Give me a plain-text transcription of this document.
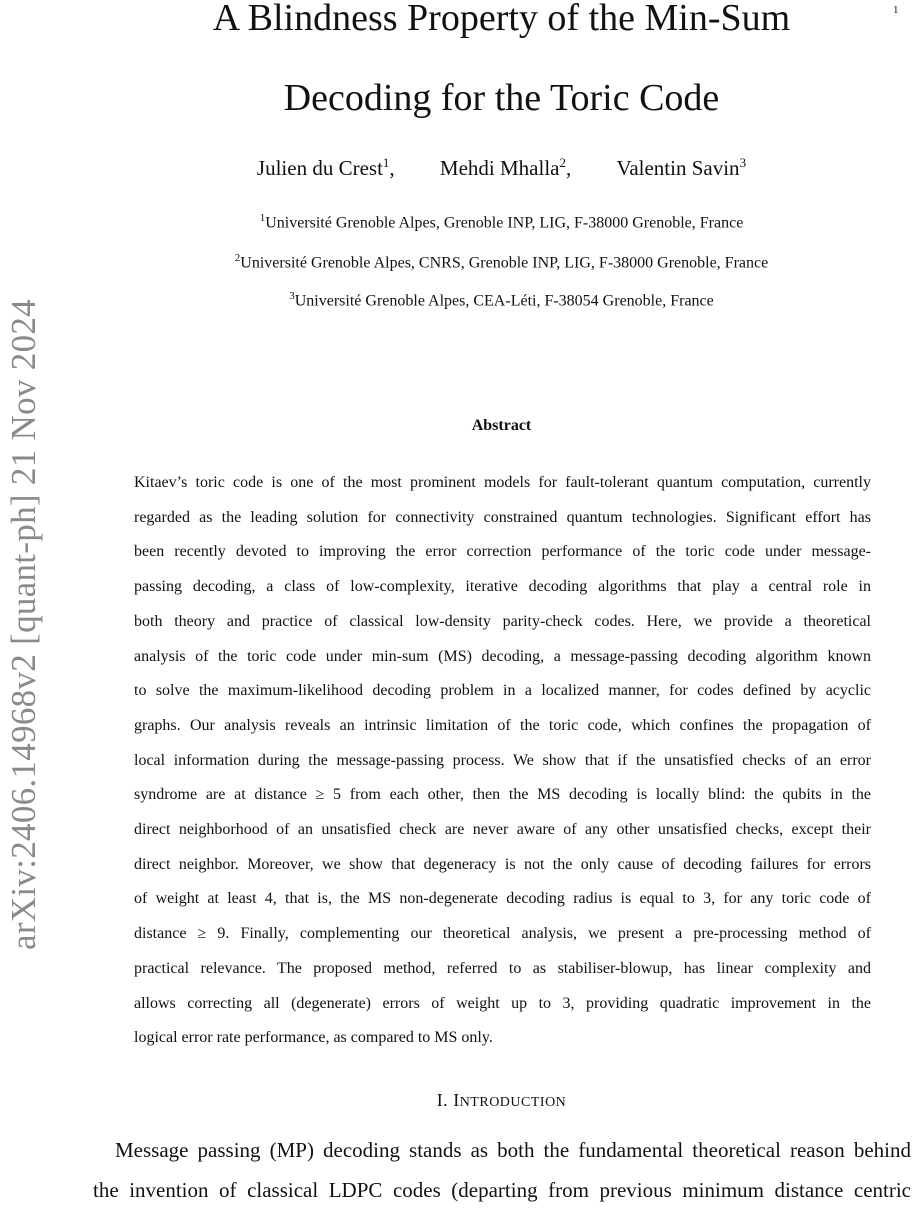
1
arXiv:2406.14968v2 [quant-ph] 21 Nov 2024
A Blindness Property of the Min-Sum
Decoding for the Toric Code
Julien du Crest$^1$, Mehdi Mhalla$^2$, Valentin Savin$^3$
$^1$Université Grenoble Alpes, Grenoble INP, LIG, F-38000 Grenoble, France
$^2$Université Grenoble Alpes, CNRS, Grenoble INP, LIG, F-38000 Grenoble, France
$^3$Université Grenoble Alpes, CEA-Léti, F-38054 Grenoble, France
Abstract
Kitaev’s toric code is one of the most prominent models for fault-tolerant quantum computation, currently
regarded as the leading solution for connectivity constrained quantum technologies. Significant effort has
been recently devoted to improving the error correction performance of the toric code under message-
passing decoding, a class of low-complexity, iterative decoding algorithms that play a central role in
both theory and practice of classical low-density parity-check codes. Here, we provide a theoretical
analysis of the toric code under min-sum (MS) decoding, a message-passing decoding algorithm known
to solve the maximum-likelihood decoding problem in a localized manner, for codes defined by acyclic
graphs. Our analysis reveals an intrinsic limitation of the toric code, which confines the propagation of
local information during the message-passing process. We show that if the unsatisfied checks of an error
syndrome are at distance ≥ 5 from each other, then the MS decoding is locally blind: the qubits in the
direct neighborhood of an unsatisfied check are never aware of any other unsatisfied checks, except their
direct neighbor. Moreover, we show that degeneracy is not the only cause of decoding failures for errors
of weight at least 4, that is, the MS non-degenerate decoding radius is equal to 3, for any toric code of
distance ≥ 9. Finally, complementing our theoretical analysis, we present a pre-processing method of
practical relevance. The proposed method, referred to as stabiliser-blowup, has linear complexity and
allows correcting all (degenerate) errors of weight up to 3, providing quadratic improvement in the
logical error rate performance, as compared to MS only.
I. INTRODUCTION
Message passing (MP) decoding stands as both the fundamental theoretical reason behind
the invention of classical LDPC codes (departing from previous minimum distance centric
